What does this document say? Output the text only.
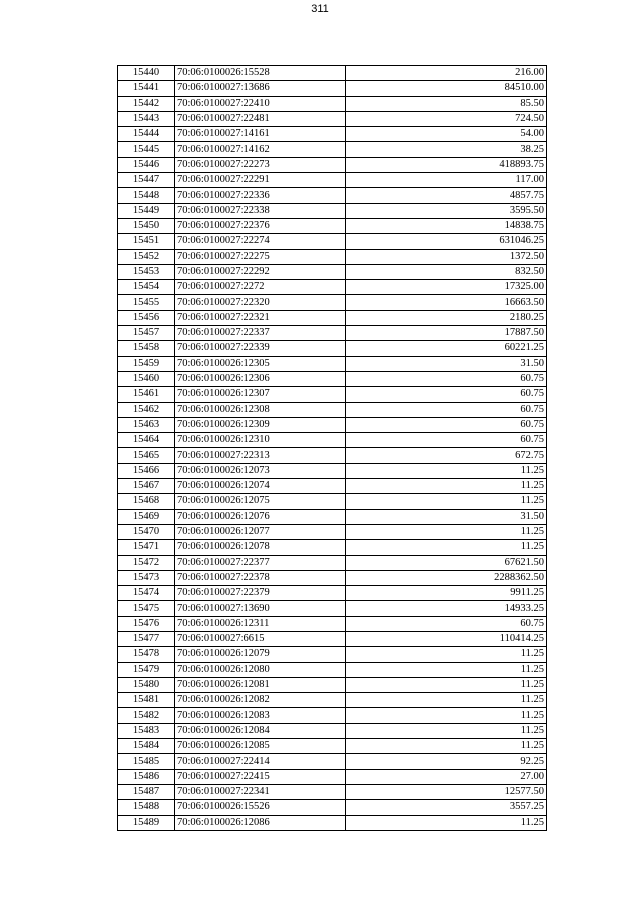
311
15440	70:06:0100026:15528	216.00
15441	70:06:0100027:13686	84510.00
15442	70:06:0100027:22410	85.50
15443	70:06:0100027:22481	724.50
15444	70:06:0100027:14161	54.00
15445	70:06:0100027:14162	38.25
15446	70:06:0100027:22273	418893.75
15447	70:06:0100027:22291	117.00
15448	70:06:0100027:22336	4857.75
15449	70:06:0100027:22338	3595.50
15450	70:06:0100027:22376	14838.75
15451	70:06:0100027:22274	631046.25
15452	70:06:0100027:22275	1372.50
15453	70:06:0100027:22292	832.50
15454	70:06:0100027:2272	17325.00
15455	70:06:0100027:22320	16663.50
15456	70:06:0100027:22321	2180.25
15457	70:06:0100027:22337	17887.50
15458	70:06:0100027:22339	60221.25
15459	70:06:0100026:12305	31.50
15460	70:06:0100026:12306	60.75
15461	70:06:0100026:12307	60.75
15462	70:06:0100026:12308	60.75
15463	70:06:0100026:12309	60.75
15464	70:06:0100026:12310	60.75
15465	70:06:0100027:22313	672.75
15466	70:06:0100026:12073	11.25
15467	70:06:0100026:12074	11.25
15468	70:06:0100026:12075	11.25
15469	70:06:0100026:12076	31.50
15470	70:06:0100026:12077	11.25
15471	70:06:0100026:12078	11.25
15472	70:06:0100027:22377	67621.50
15473	70:06:0100027:22378	2288362.50
15474	70:06:0100027:22379	9911.25
15475	70:06:0100027:13690	14933.25
15476	70:06:0100026:12311	60.75
15477	70:06:0100027:6615	110414.25
15478	70:06:0100026:12079	11.25
15479	70:06:0100026:12080	11.25
15480	70:06:0100026:12081	11.25
15481	70:06:0100026:12082	11.25
15482	70:06:0100026:12083	11.25
15483	70:06:0100026:12084	11.25
15484	70:06:0100026:12085	11.25
15485	70:06:0100027:22414	92.25
15486	70:06:0100027:22415	27.00
15487	70:06:0100027:22341	12577.50
15488	70:06:0100026:15526	3557.25
15489	70:06:0100026:12086	11.25
